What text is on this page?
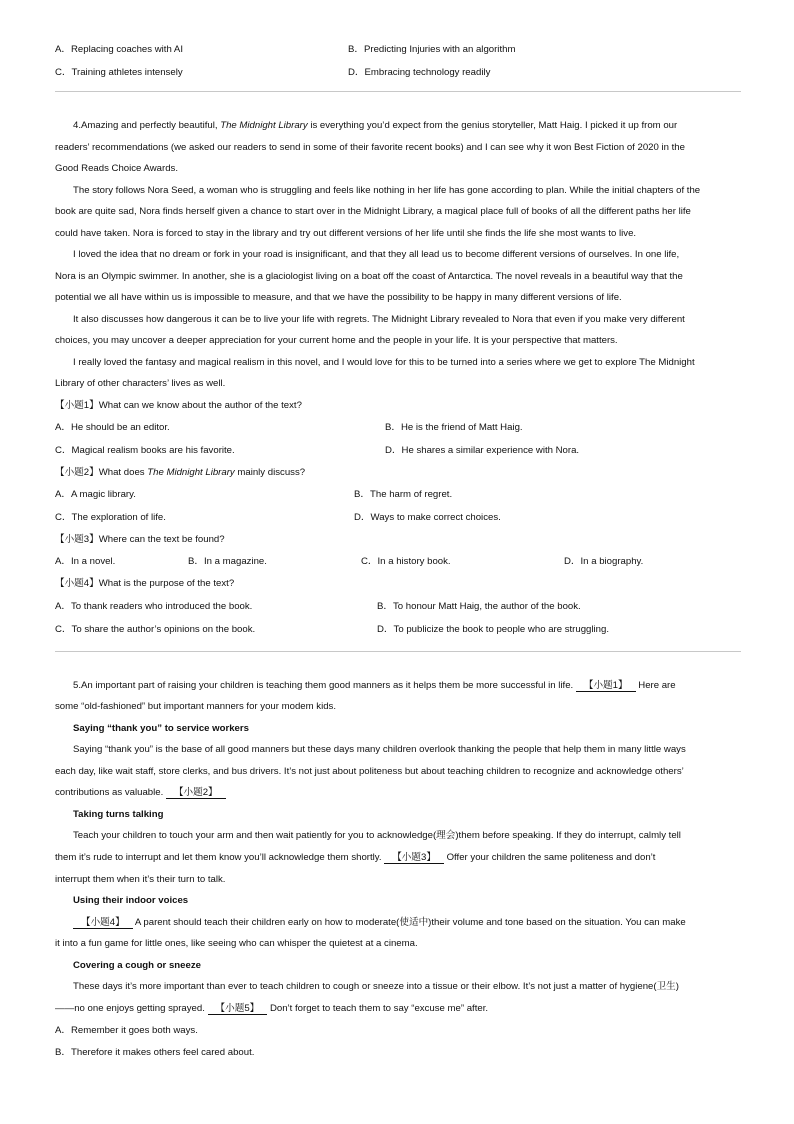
A．Replacing coaches with AI	B．Predicting Injuries with an algorithm
C．Training athletes intensely	D．Embracing technology readily
4.Amazing and perfectly beautiful, The Midnight Library is everything you’d expect from the genius storyteller, Matt Haig. I picked it up from our
readers’ recommendations (we asked our readers to send in some of their favorite recent books) and I can see why it won Best Fiction of 2020 in the
Good Reads Choice Awards.
The story follows Nora Seed, a woman who is struggling and feels like nothing in her life has gone according to plan. While the initial chapters of the
book are quite sad, Nora finds herself given a chance to start over in the Midnight Library, a magical place full of books of all the different paths her life
could have taken. Nora is forced to stay in the library and try out different versions of her life until she finds the life she most wants to live.
I loved the idea that no dream or fork in your road is insignificant, and that they all lead us to become different versions of ourselves. In one life,
Nora is an Olympic swimmer. In another, she is a glaciologist living on a boat off the coast of Antarctica. The novel reveals in a beautiful way that the
potential we all have within us is impossible to measure, and that we have the possibility to be happy in many different versions of life.
It also discusses how dangerous it can be to live your life with regrets. The Midnight Library revealed to Nora that even if you make very different
choices, you may uncover a deeper appreciation for your current home and the people in your life. It is your perspective that matters.
I really loved the fantasy and magical realism in this novel, and I would love for this to be turned into a series where we get to explore The Midnight
Library of other characters’ lives as well.
【小题1】What can we know about the author of the text?
A．He should be an editor.	B．He is the friend of Matt Haig.
C．Magical realism books are his favorite.	D．He shares a similar experience with Nora.
【小题2】What does The Midnight Library mainly discuss?
A．A magic library.	B．The harm of regret.
C．The exploration of life.	D．Ways to make correct choices.
【小题3】Where can the text be found?
A．In a novel.	B．In a magazine.	C．In a history book.	D．In a biography.
【小题4】What is the purpose of the text?
A．To thank readers who introduced the book.	B．To honour Matt Haig, the author of the book.
C．To share the author’s opinions on the book.	D．To publicize the book to people who are struggling.
5.An important part of raising your children is teaching them good manners as it helps them be more successful in life. 【小题1】 Here are
some “old-fashioned” but important manners for your modem kids.
Saying “thank you” to service workers
Saying “thank you” is the base of all good manners but these days many children overlook thanking the people that help them in many little ways
each day, like wait staff, store clerks, and bus drivers. It’s not just about politeness but about teaching children to recognize and acknowledge others’
contributions as valuable. 【小题2】
Taking turns talking
Teach your children to touch your arm and then wait patiently for you to acknowledge(理会)them before speaking. If they do interrupt, calmly tell
them it’s rude to interrupt and let them know you’ll acknowledge them shortly. 【小题3】 Offer your children the same politeness and don’t
interrupt them when it’s their turn to talk.
Using their indoor voices
【小题4】 A parent should teach their children early on how to moderate(使适中)their volume and tone based on the situation. You can make
it into a fun game for little ones, like seeing who can whisper the quietest at a cinema.
Covering a cough or sneeze
These days it’s more important than ever to teach children to cough or sneeze into a tissue or their elbow. It’s not just a matter of hygiene(卫生)
——no one enjoys getting sprayed. 【小题5】 Don’t forget to teach them to say “excuse me” after.
A．Remember it goes both ways.
B．Therefore it makes others feel cared about.
